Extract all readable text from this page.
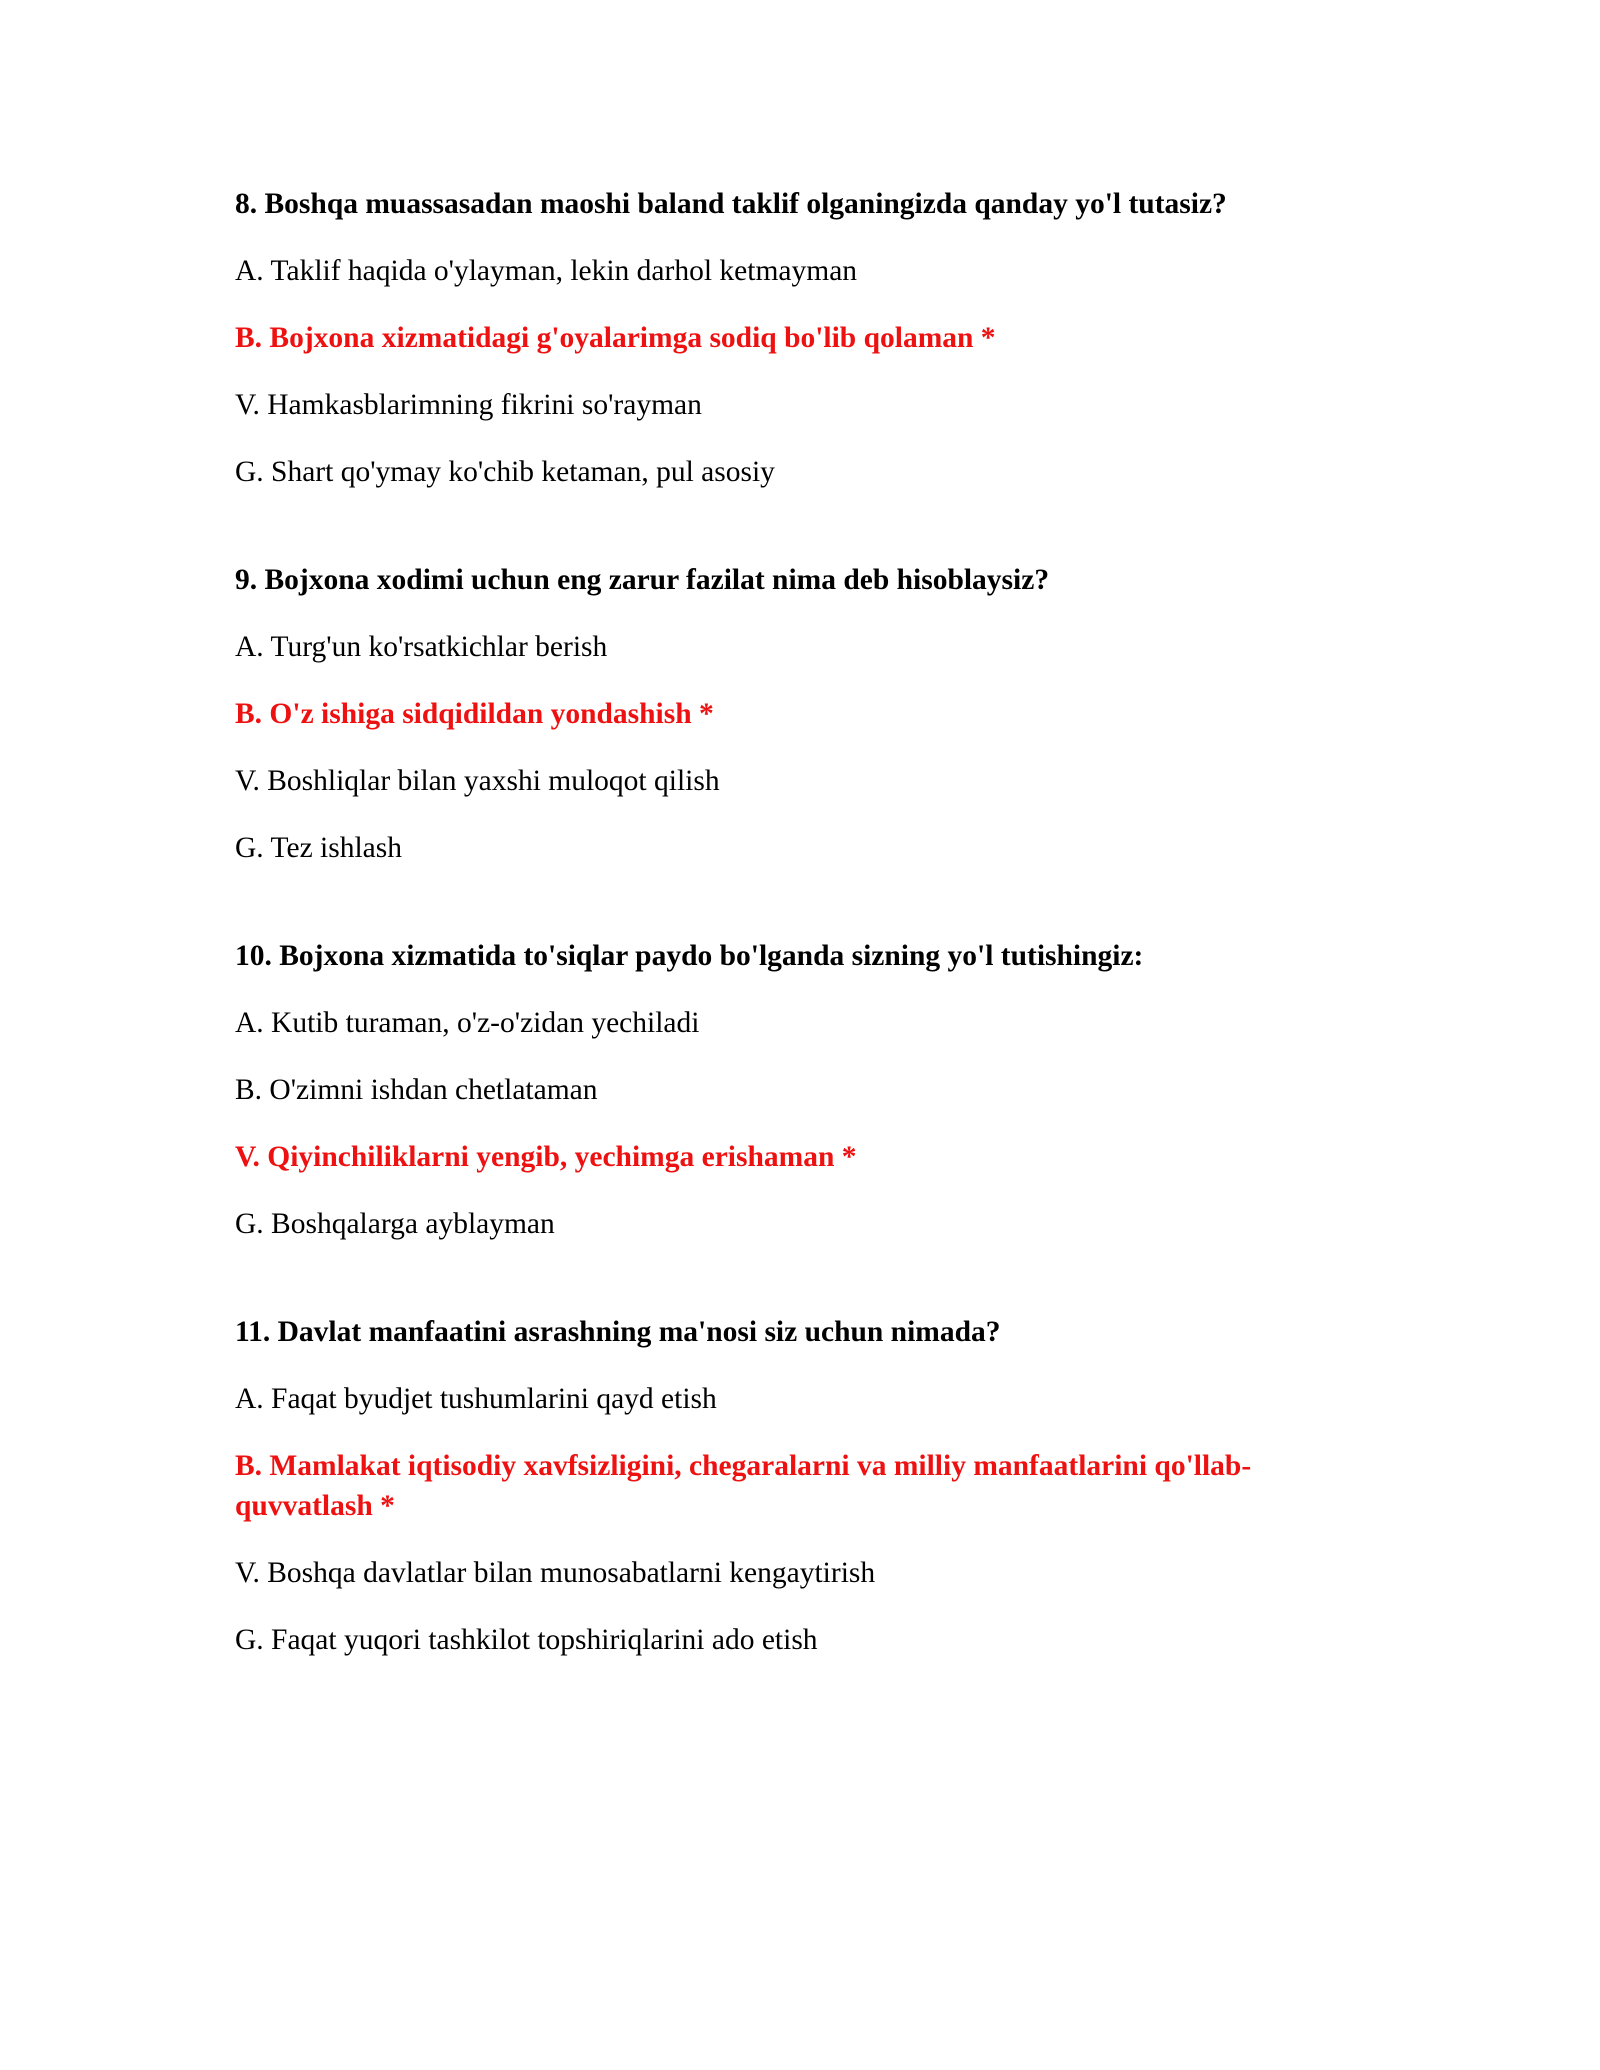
8. Boshqa muassasadan maoshi baland taklif olganingizda qanday yo'l tutasiz?

A. Taklif haqida o'ylayman, lekin darhol ketmayman

B. Bojxona xizmatidagi g'oyalarimga sodiq bo'lib qolaman *

V. Hamkasblarimning fikrini so'rayman

G. Shart qo'ymay ko'chib ketaman, pul asosiy

9. Bojxona xodimi uchun eng zarur fazilat nima deb hisoblaysiz?

A. Turg'un ko'rsatkichlar berish

B. O'z ishiga sidqidildan yondashish *

V. Boshliqlar bilan yaxshi muloqot qilish

G. Tez ishlash

10. Bojxona xizmatida to'siqlar paydo bo'lganda sizning yo'l tutishingiz:

A. Kutib turaman, o'z-o'zidan yechiladi

B. O'zimni ishdan chetlataman

V. Qiyinchiliklarni yengib, yechimga erishaman *

G. Boshqalarga ayblayman

11. Davlat manfaatini asrashning ma'nosi siz uchun nimada?

A. Faqat byudjet tushumlarini qayd etish

B. Mamlakat iqtisodiy xavfsizligini, chegaralarni va milliy manfaatlarini qo'llab-quvvatlash *

V. Boshqa davlatlar bilan munosabatlarni kengaytirish

G. Faqat yuqori tashkilot topshiriqlarini ado etish
